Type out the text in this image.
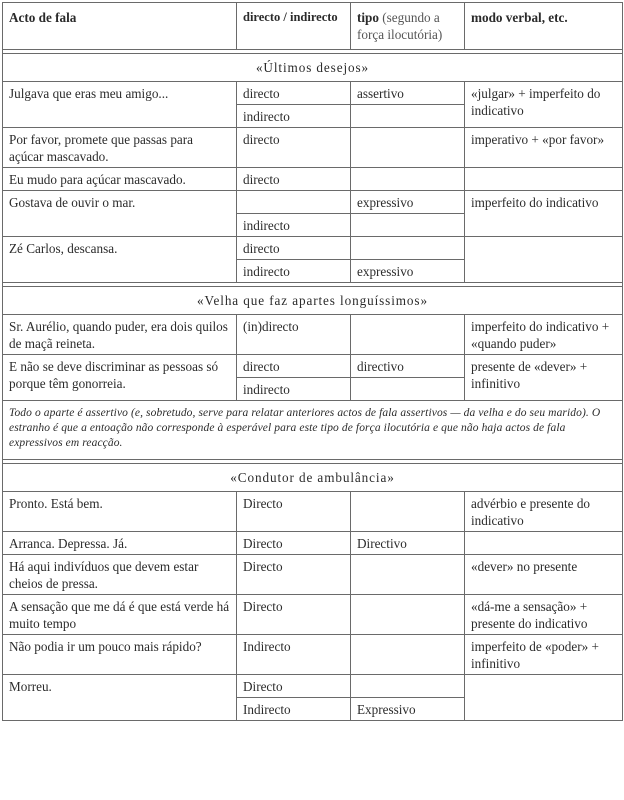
Acto de fala	directo / indirecto	tipo (segundo a força ilocutória)	modo verbal, etc.

«Últimos desejos»			
Julgava que eras meu amigo...	directo	assertivo	«julgar» + imperfeito do indicativo
	indirecto		
Por favor, promete que passas para açúcar mascavado.	directo		imperativo + «por favor»
Eu mudo para açúcar mascavado.	directo		
Gostava de ouvir o mar.		expressivo	imperfeito do indicativo
	indirecto		
Zé Carlos, descansa.	directo		
	indirecto	expressivo	

«Velha que faz apartes longuíssimos»			
Sr. Aurélio, quando puder, era dois quilos de maçã reineta.	(in)directo		imperfeito do indicativo + «quando puder»
E não se deve discriminar as pessoas só porque têm gonorreia.	directo	directivo	presente de «dever» + infinitivo
	indirecto		
Todo o aparte é assertivo (e, sobretudo, serve para relatar anteriores actos de fala assertivos — da velha e do seu marido). O estranho é que a entoação não corresponde à esperável para este tipo de força ilocutória e que não haja actos de fala expressivos em reacção.			

«Condutor de ambulância»			
Pronto. Está bem.	Directo		advérbio e presente do indicativo
Arranca. Depressa. Já.	Directo	Directivo	
Há aqui indivíduos que devem estar cheios de pressa.	Directo		«dever» no presente
A sensação que me dá é que está verde há muito tempo	Directo		«dá-me a sensação» + presente do indicativo
Não podia ir um pouco mais rápido?	Indirecto		imperfeito de «poder» + infinitivo
Morreu.	Directo		
	Indirecto	Expressivo	
